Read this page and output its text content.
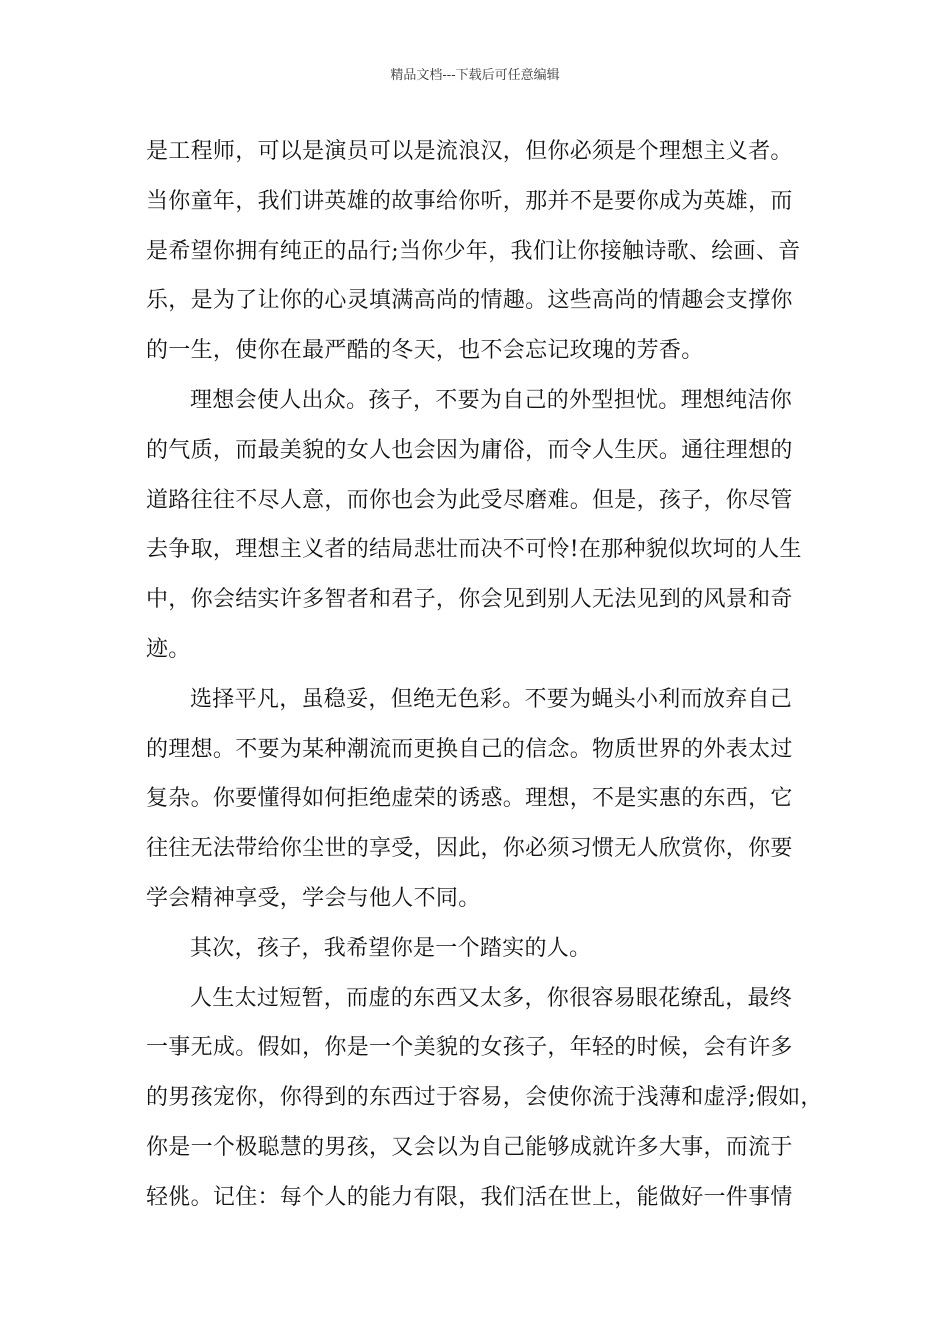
精品文档---下载后可任意编辑
是工程师，可以是演员可以是流浪汉，但你必须是个理想主义者。
当你童年，我们讲英雄的故事给你听，那并不是要你成为英雄，而
是希望你拥有纯正的品行;当你少年，我们让你接触诗歌、绘画、音
乐，是为了让你的心灵填满高尚的情趣。这些高尚的情趣会支撑你
的一生，使你在最严酷的冬天，也不会忘记玫瑰的芳香。
理想会使人出众。孩子，不要为自己的外型担忧。理想纯洁你
的气质，而最美貌的女人也会因为庸俗，而令人生厌。通往理想的
道路往往不尽人意，而你也会为此受尽磨难。但是，孩子，你尽管
去争取，理想主义者的结局悲壮而决不可怜!在那种貌似坎坷的人生
中，你会结实许多智者和君子，你会见到别人无法见到的风景和奇
迹。
选择平凡，虽稳妥，但绝无色彩。不要为蝇头小利而放弃自己
的理想。不要为某种潮流而更换自己的信念。物质世界的外表太过
复杂。你要懂得如何拒绝虚荣的诱惑。理想，不是实惠的东西，它
往往无法带给你尘世的享受，因此，你必须习惯无人欣赏你，你要
学会精神享受，学会与他人不同。
其次，孩子，我希望你是一个踏实的人。
人生太过短暂，而虚的东西又太多，你很容易眼花缭乱，最终
一事无成。假如，你是一个美貌的女孩子，年轻的时候，会有许多
的男孩宠你，你得到的东西过于容易，会使你流于浅薄和虚浮;假如，
你是一个极聪慧的男孩，又会以为自己能够成就许多大事，而流于
轻佻。记住：每个人的能力有限，我们活在世上，能做好一件事情
